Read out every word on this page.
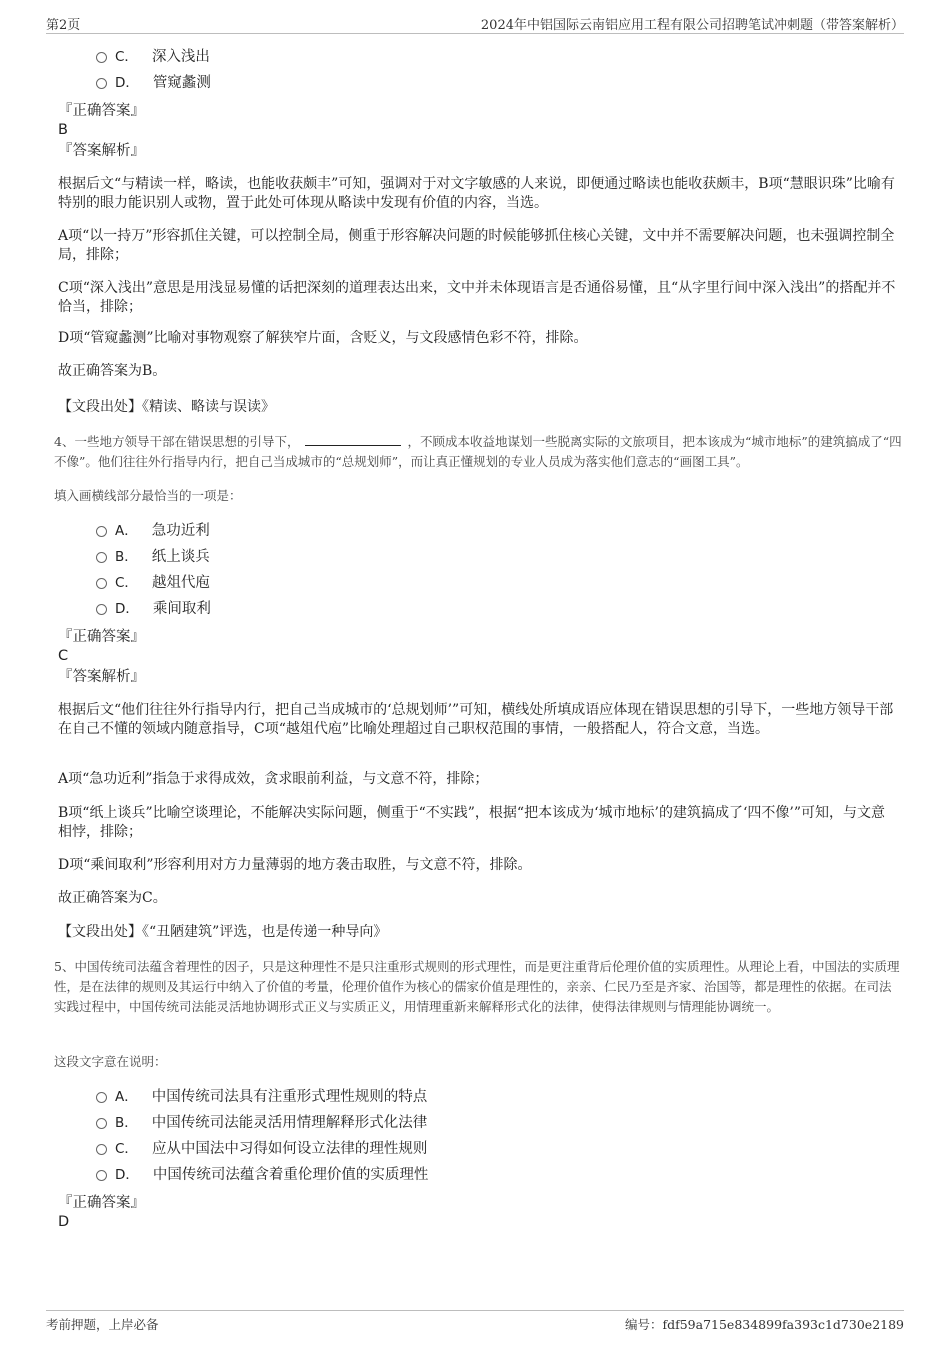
第2页	2024年中铝国际云南铝应用工程有限公司招聘笔试冲刺题（带答案解析）
C． 深入浅出
D． 管窥蠡测
『正确答案』
B
『答案解析』
根据后文“与精读一样，略读，也能收获颇丰”可知，强调对于对文字敏感的人来说，即便通过略读也能收获颇丰，B项“慧眼识珠”比喻有特别的眼力能识别人或物，置于此处可体现从略读中发现有价值的内容，当选。
A项“以一持万”形容抓住关键，可以控制全局，侧重于形容解决问题的时候能够抓住核心关键，文中并不需要解决问题，也未强调控制全局，排除；
C项“深入浅出”意思是用浅显易懂的话把深刻的道理表达出来，文中并未体现语言是否通俗易懂，且“从字里行间中深入浅出”的搭配并不恰当，排除；
D项“管窥蠡测”比喻对事物观察了解狭窄片面，含贬义，与文段感情色彩不符，排除。
故正确答案为B。
【文段出处】《精读、略读与误读》
4、一些地方领导干部在错误思想的引导下，	，不顾成本收益地谋划一些脱离实际的文旅项目，把本该成为“城市地标”的建筑搞成了“四不像”。他们往往外行指导内行，把自己当成城市的“总规划师”，而让真正懂规划的专业人员成为落实他们意志的“画图工具”。
填入画横线部分最恰当的一项是：
A． 急功近利
B． 纸上谈兵
C． 越俎代庖
D． 乘间取利
『正确答案』
C
『答案解析』
根据后文“他们往往外行指导内行，把自己当成城市的‘总规划师’”可知，横线处所填成语应体现在错误思想的引导下，一些地方领导干部在自己不懂的领域内随意指导，C项“越俎代庖”比喻处理超过自己职权范围的事情，一般搭配人，符合文意，当选。
A项“急功近利”指急于求得成效，贪求眼前利益，与文意不符，排除；
B项“纸上谈兵”比喻空谈理论，不能解决实际问题，侧重于“不实践”，根据“把本该成为‘城市地标’的建筑搞成了‘四不像’”可知，与文意相悖，排除；
D项“乘间取利”形容利用对方力量薄弱的地方袭击取胜，与文意不符，排除。
故正确答案为C。
【文段出处】《“丑陋建筑”评选，也是传递一种导向》
5、中国传统司法蕴含着理性的因子，只是这种理性不是只注重形式规则的形式理性，而是更注重背后伦理价值的实质理性。从理论上看，中国法的实质理性，是在法律的规则及其运行中纳入了价值的考量，伦理价值作为核心的儒家价值是理性的，亲亲、仁民乃至是齐家、治国等，都是理性的依据。在司法实践过程中，中国传统司法能灵活地协调形式正义与实质正义，用情理重新来解释形式化的法律，使得法律规则与情理能协调统一。
这段文字意在说明：
A． 中国传统司法具有注重形式理性规则的特点
B． 中国传统司法能灵活用情理解释形式化法律
C． 应从中国法中习得如何设立法律的理性规则
D． 中国传统司法蕴含着重伦理价值的实质理性
『正确答案』
D
考前押题，上岸必备	编号：fdf59a715e834899fa393c1d730e2189
